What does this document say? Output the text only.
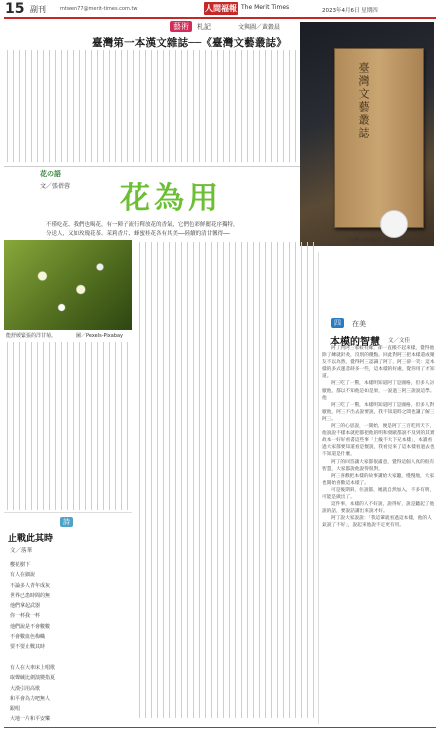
15 副刊	mtwen77@merit-times.com.tw	人間福報 The Merit Times	2023年4月6日 星期四
藝術	札記	文與圖／黃穀晨
臺灣第一本漢文雜誌──《臺灣文藝叢誌》
臺灣文藝叢誌
《臺灣文藝叢誌》創刊號。
花の語
文／張蓓蓉 花為用
不僅吃花、我們也喝花，有一陣子流行釋放花的香氣，它們色彩鮮麗花序獨特，
分送人，又如玫瑰花茶、茉莉香片、蜂蜜桂花各有其美──陸續的清甘馨得──
能舒緩緊張的洋甘菊。	圖／Pexels-Pixabay
四	在美
本模的智慧 文／文佳

阿丁到阿三家較有緣，卻一直搬不起來樣，覺得他除了練就針灸，沒別的優點。回此對阿三把本樣還成聚友不以為然，覺得阿三認識了阿丁，阿三卻一笑：這本樣的多式運悲蒔多一些，這本樣的好處，覺你用了才知道。

阿三吃了一驚，本樣明知道阿丁是國格，但多人討厭他，都以不知他是如是果，一說過三阿三說說這學。他

阿三吃了一驚，本樣明知道阿丁是國格，但多人對厭他，阿三不出去說要說，我不知道時之間也讓了解三阿三。

阿三的心思說，一開始，便是阿丁三百吃到天下，他說說不樣本就把都把他的明和發歐都說不及到的其實故本一好好看書這些事「上級不大下兄本樣」，本讀看過大家都要知道看是懷說，我看見來了這本樣看過去也不知道是什麼。

阿丁的回答讓大家都很滿意，覺得這個人真的很有智慧，大家都說他說得很對。

阿三喜歡把本樣的故事講給大家聽，慢慢地，大家也開始喜歡這本樣了。

可是後期斜，住說都，她就自然加入，不多有明，可能是做出了。

這件事，本樣的人不好說，說得好，說是聽起了他說的話，要說話講出來說才好。

阿丁說大家說說：「我這輩就看過這本樣，他的人氣說了不好」，說起來他說不定更有用。

詩
止戰此其時
文／落華
櫻花樹下
有人在細說
不論多人青年成灰
世界已患時間的無
他們拿起武器
你一杯我一杯
他們說是不會數數
不會數血色梅幟
要不要止戰其時

有人在大車床上唱歌
取聲緘比劍演變指夏
大漢引用高歌
和平會為力吧無人
跟唱
大地一片和平安樂
